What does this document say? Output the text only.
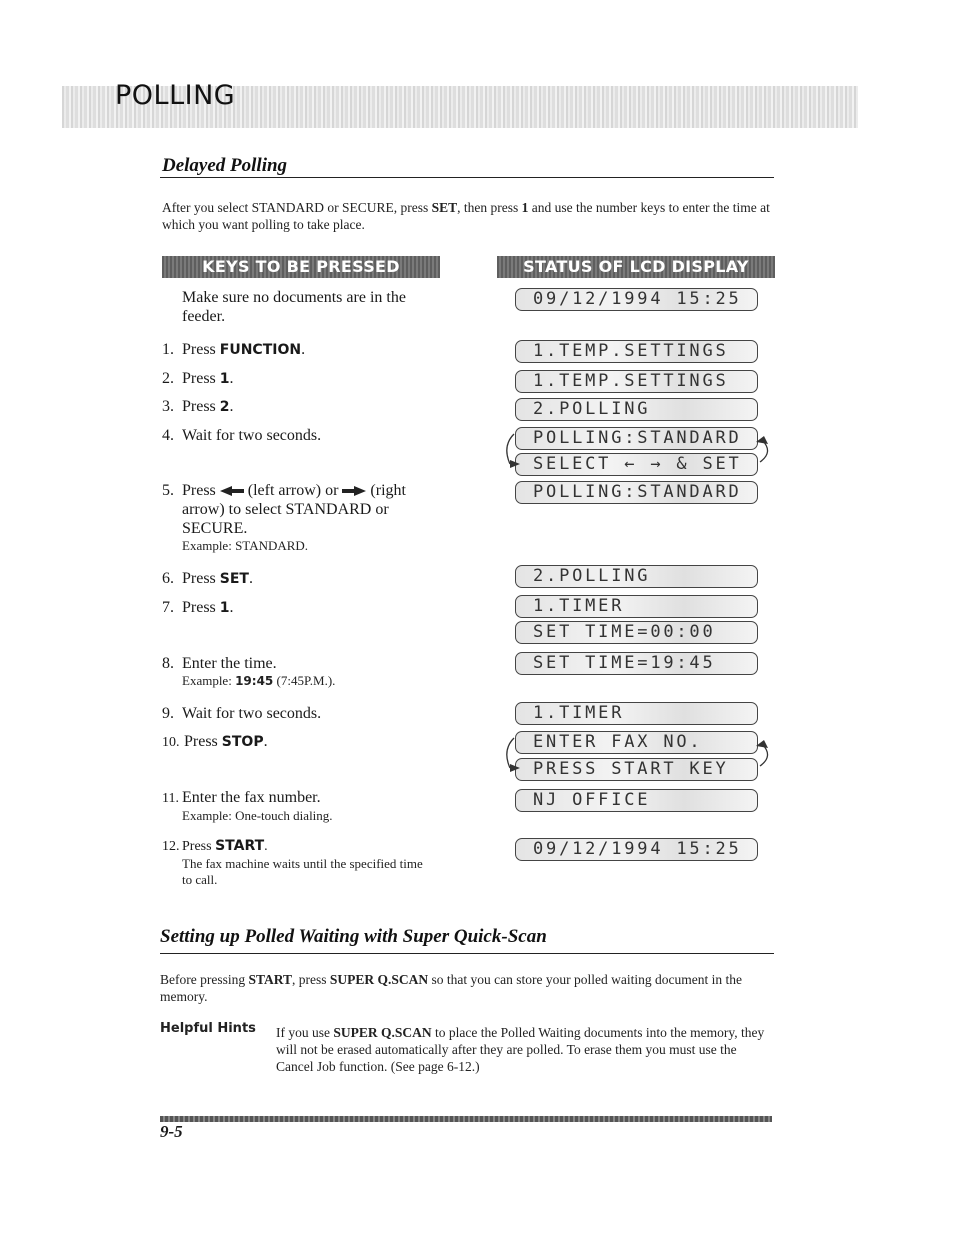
POLLING
Delayed Polling
After you select STANDARD or SECURE, press SET, then press 1 and use the number keys to enter the time at which you want polling to take place.
KEYS TO BE PRESSED	STATUS OF LCD DISPLAY
Make sure no documents are in the feeder.
1. Press FUNCTION.
2. Press 1.
3. Press 2.
4. Wait for two seconds.
5. Press  (left arrow) or  (right arrow) to select STANDARD or SECURE.
Example: STANDARD.
6. Press SET.
7. Press 1.
8. Enter the time.
Example: 19:45 (7:45P.M.).
9. Wait for two seconds.
10. Press STOP.
11. Enter the fax number.
Example: One-touch dialing.
12. Press START.
The fax machine waits until the specified time to call.
09/12/1994 15:25
1.TEMP.SETTINGS
1.TEMP.SETTINGS
2.POLLING
POLLING:STANDARD
SELECT ← → & SET
POLLING:STANDARD
2.POLLING
1.TIMER
SET TIME=00:00
SET TIME=19:45
1.TIMER
ENTER FAX NO.
PRESS START KEY
NJ OFFICE
09/12/1994 15:25
Setting up Polled Waiting with Super Quick-Scan
Before pressing START, press SUPER Q.SCAN so that you can store your polled waiting document in the memory.
Helpful Hints If you use SUPER Q.SCAN to place the Polled Waiting documents into the memory, they will not be erased automatically after they are polled. To erase them you must use the Cancel Job function. (See page 6-12.)
9-5
